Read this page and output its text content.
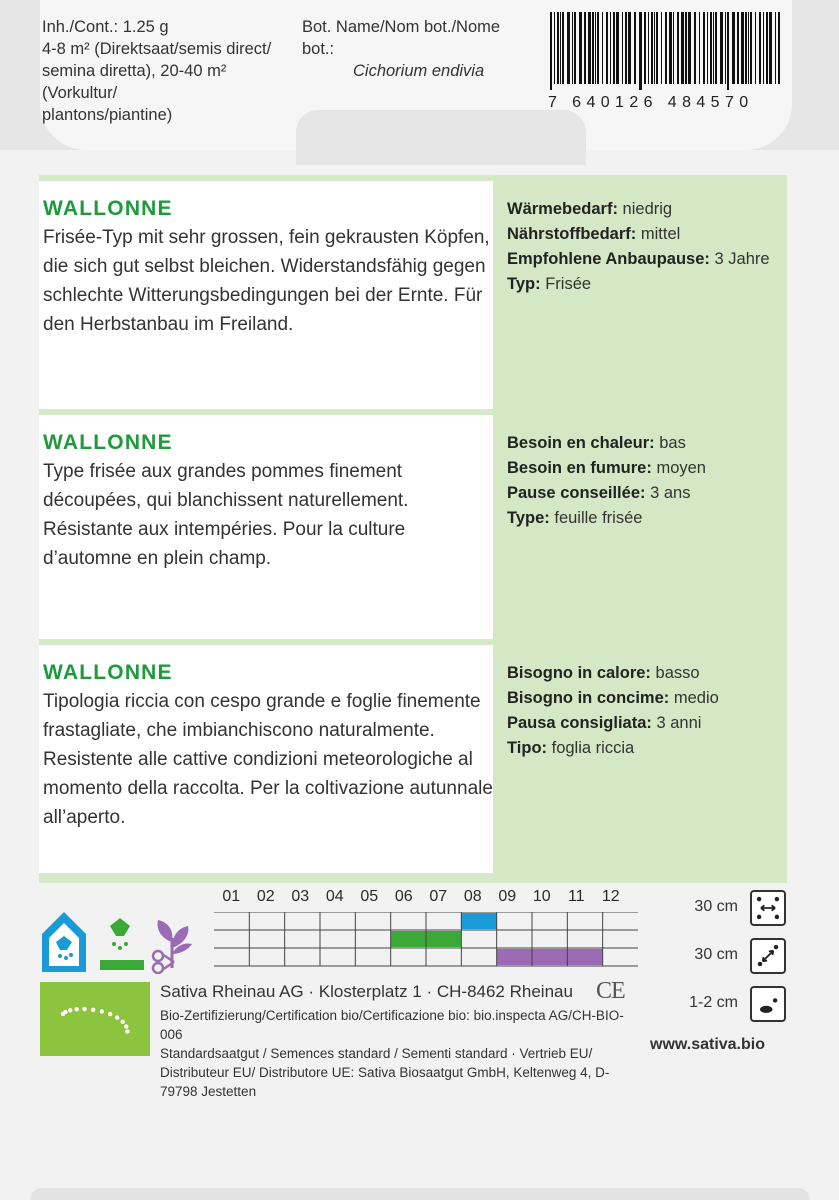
Inh./Cont.: 1.25 g
4-8 m² (Direktsaat/semis direct/
semina diretta), 20-40 m² (Vorkultur/
plantons/piantine)
Bot. Name/Nom bot./Nome bot.:
Cichorium endivia
7 640126 484570
WALLONNE
Frisée-Typ mit sehr grossen, fein gekrausten Köpfen, die sich gut selbst bleichen. Widerstandsfähig gegen schlechte Witterungsbedingungen bei der Ernte. Für den Herbstanbau im Freiland.
Wärmebedarf: niedrig
Nährstoffbedarf: mittel
Empfohlene Anbaupause: 3 Jahre
Typ: Frisée
WALLONNE
Type frisée aux grandes pommes finement découpées, qui blanchissent naturellement. Résistante aux intempéries. Pour la culture d’automne en plein champ.
Besoin en chaleur: bas
Besoin en fumure: moyen
Pause conseillée: 3 ans
Type: feuille frisée
WALLONNE
Tipologia riccia con cespo grande e foglie finemente frastagliate, che imbianchiscono naturalmente. Resistente alle cattive condizioni meteorologiche al momento della raccolta. Per la coltivazione autunnale all’aperto.
Bisogno in calore: basso
Bisogno in concime: medio
Pausa consigliata: 3 anni
Tipo: foglia riccia
01	02	03	04	05	06	07	08	09	10	11	12
30 cm
30 cm
1-2 cm
Sativa Rheinau AG · Klosterplatz 1 · CH-8462 Rheinau CE
Bio-Zertifizierung/Certification bio/Certificazione bio: bio.inspecta AG/CH-BIO-006
Standardsaatgut / Semences standard / Sementi standard · Vertrieb EU/ Distributeur EU/ Distributore UE: Sativa Biosaatgut GmbH, Keltenweg 4, D-79798 Jestetten
www.sativa.bio
